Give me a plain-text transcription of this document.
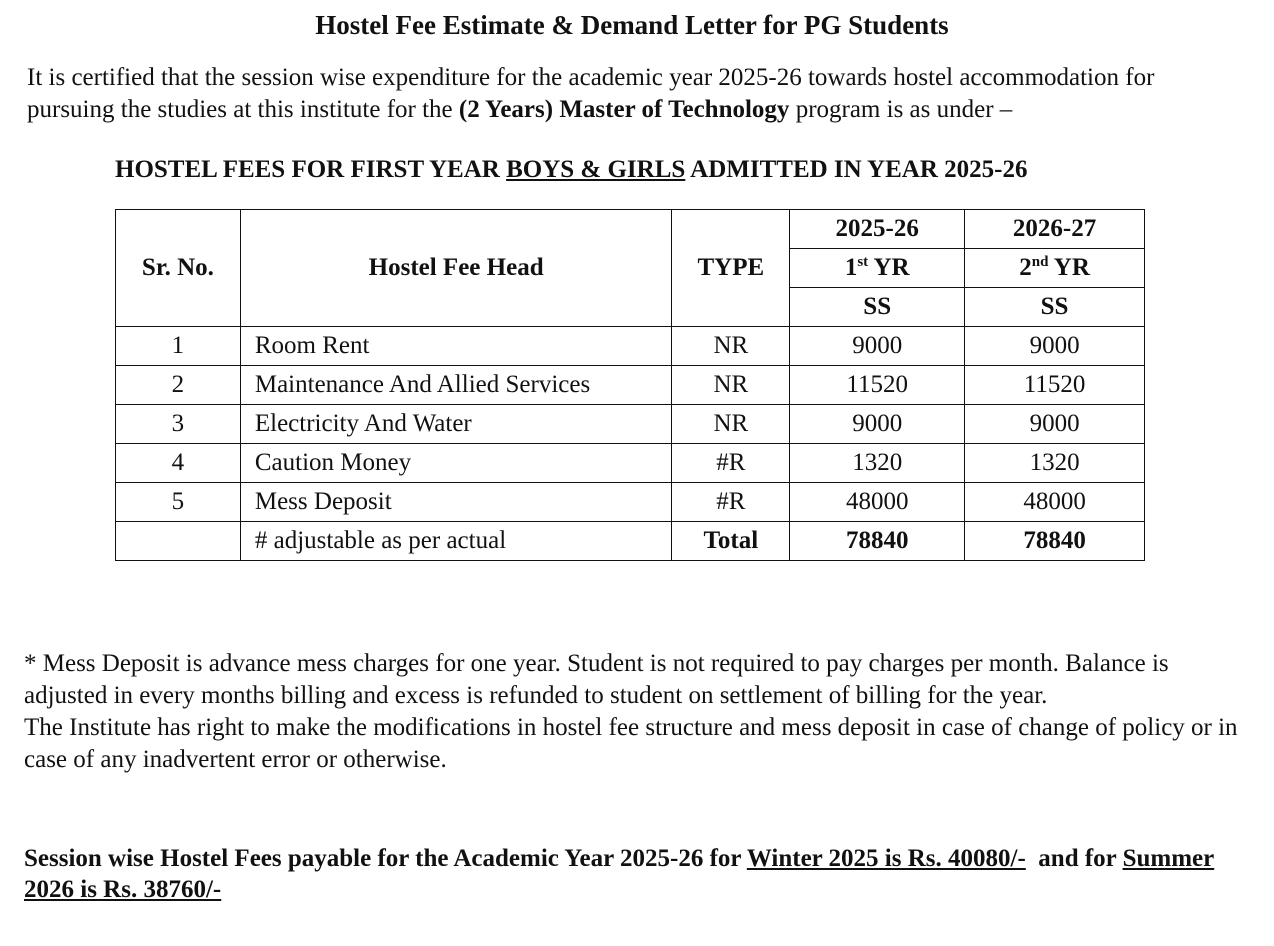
Hostel Fee Estimate & Demand Letter for PG Students

It is certified that the session wise expenditure for the academic year 2025-26 towards hostel accommodation for pursuing the studies at this institute for the (2 Years) Master of Technology program is as under –

HOSTEL FEES FOR FIRST YEAR BOYS & GIRLS ADMITTED IN YEAR 2025-26
Sr. No.	Hostel Fee Head	TYPE	2025-26	2026-27
			1st YR	2nd YR
			SS	SS
1	Room Rent	NR	9000	9000
2	Maintenance And Allied Services	NR	11520	11520
3	Electricity And Water	NR	9000	9000
4	Caution Money	#R	1320	1320
5	Mess Deposit	#R	48000	48000
	# adjustable as per actual	Total	78840	78840

* Mess Deposit is advance mess charges for one year. Student is not required to pay charges per month. Balance is adjusted in every months billing and excess is refunded to student on settlement of billing for the year.

The Institute has right to make the modifications in hostel fee structure and mess deposit in case of change of policy or in case of any inadvertent error or otherwise.

Session wise Hostel Fees payable for the Academic Year 2025-26 for Winter 2025 is Rs. 40080/-  and for Summer 2026 is Rs. 38760/-
